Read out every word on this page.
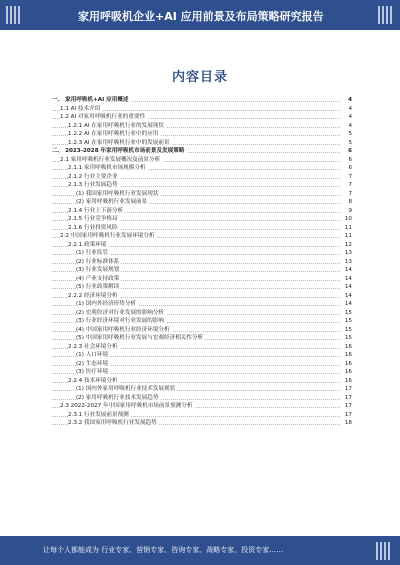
家用呼吸机企业+AI 应用前景及布局策略研究报告
内容目录
一、 家用呼吸机+AI 应用概述	4
1.1 AI 技术介绍	4
1.2 AI 对家用呼吸机行业的重要性	4
1.2.1 AI 在家用呼吸机行业的发展现状	4
1.2.2 AI 在家用呼吸机行业中的应用	5
1.2.3 AI 在家用呼吸机行业中的发展前景	5
二、 2023-2028 年家用呼吸机市场前景及发展策略	6
2.1 家用呼吸机行业发展概况及前景分析	6
2.1.1 家用呼吸机市场规模分析	6
2.1.2 行业主要企业	7
2.1.3 行业发展趋势	7
(1) 我国家用呼吸机行业发展现状	7
(2) 家用呼吸机行业发展前景	8
2.1.4 行业上下游分析	9
2.1.5 行业竞争格局	10
2.1.6 行业投资风险	11
2.2 中国家用呼吸机行业发展环境分析	11
2.2.1 政策环境	12
(1) 行业监管	13
(2) 行业标准体系	13
(3) 行业发展规划	14
(4) 产业支持政策	14
(5) 行业政策解读	14
2.2.2 经济环境分析	14
(1) 国内外经济形势分析	14
(2) 宏观经济对行业发展的影响分析	15
(3) 行业经济环境对行业发展的影响	15
(4) 中国家用呼吸机行业经济环境分析	15
(5) 中国家用呼吸机行业发展与宏观经济相关性分析	15
2.2.3 社会环境分析	16
(1) 人口环境	16
(2) 生态环境	16
(3) 医疗环境	16
2.2.4 技术环境分析	16
(1) 国内外家用呼吸机行业技术发展现状	17
(2) 家用呼吸机行业技术发展趋势	17
2.3 2022-2027 年中国家用呼吸机市场前景预测分析	17
2.3.1 行业发展前景预测	17
2.3.2 我国家用呼吸机行业发展趋势	18
让每个人都能成为 行业专家、营销专家、咨询专家、战略专家、投资专家……
